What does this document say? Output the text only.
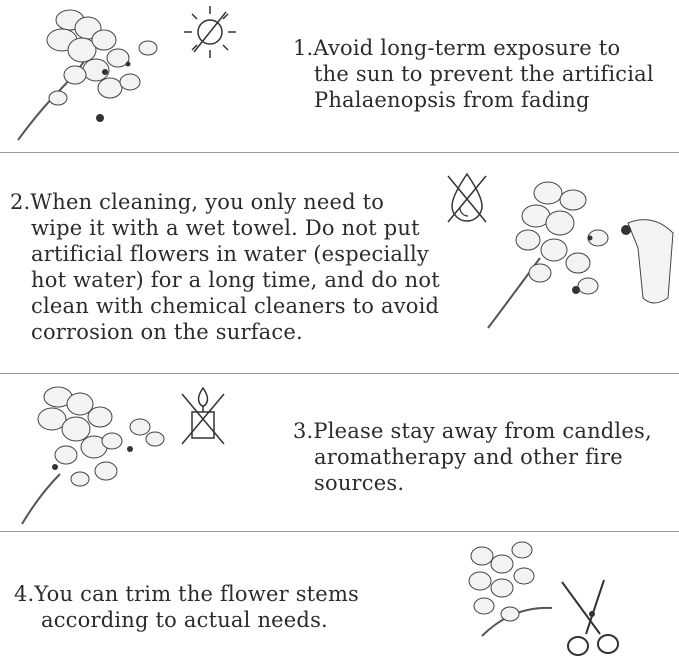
1.Avoid long-term exposure to
the sun to prevent the artificial
Phalaenopsis from fading
2.When cleaning, you only need to
wipe it with a wet towel. Do not put
artificial flowers in water (especially
hot water) for a long time, and do not
clean with chemical cleaners to avoid
corrosion on the surface.
3.Please stay away from candles,
aromatherapy and other fire
sources.
4.You can trim the flower stems
according to actual needs.
